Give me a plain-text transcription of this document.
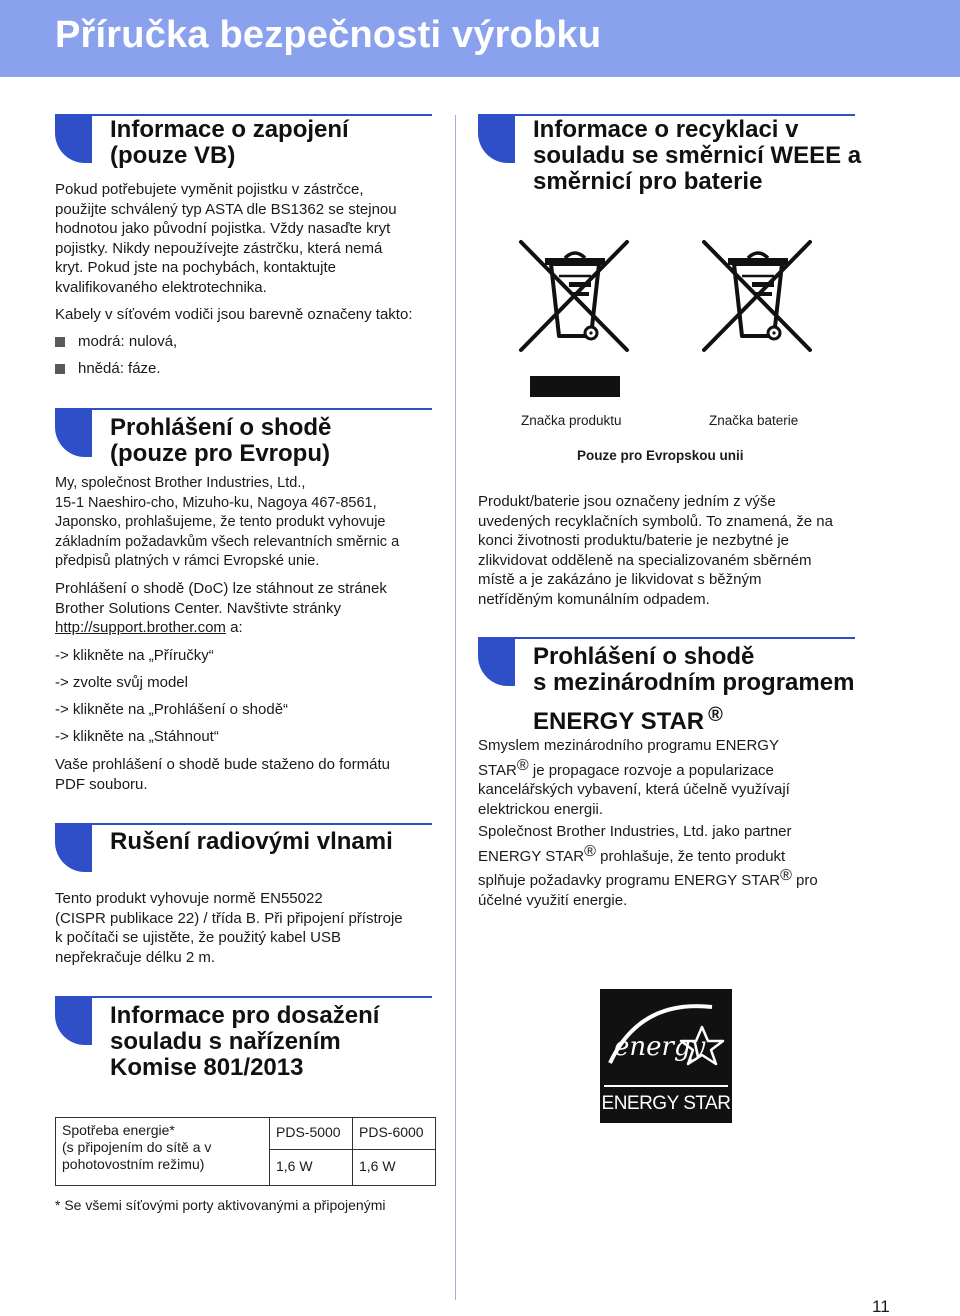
Příručka bezpečnosti výrobku
Informace o zapojení
(pouze VB)
Pokud potřebujete vyměnit pojistku v zástrčce,
použijte schválený typ ASTA dle BS1362 se stejnou
hodnotou jako původní pojistka. Vždy nasaďte kryt
pojistky. Nikdy nepoužívejte zástrčku, která nemá
kryt. Pokud jste na pochybách, kontaktujte
kvalifikovaného elektrotechnika.
Kabely v síťovém vodiči jsou barevně označeny takto:
modrá: nulová,
hnědá: fáze.
Prohlášení o shodě
(pouze pro Evropu)
My, společnost Brother Industries, Ltd.,
15-1 Naeshiro-cho, Mizuho-ku, Nagoya 467-8561,
Japonsko, prohlašujeme, že tento produkt vyhovuje
základním požadavkům všech relevantních směrnic a
předpisů platných v rámci Evropské unie.
Prohlášení o shodě (DoC) lze stáhnout ze stránek
Brother Solutions Center. Navštivte stránky
http://support.brother.com a:
-> klikněte na „Příručky“
-> zvolte svůj model
-> klikněte na „Prohlášení o shodě“
-> klikněte na „Stáhnout“
Vaše prohlášení o shodě bude staženo do formátu
PDF souboru.
Rušení radiovými vlnami
Tento produkt vyhovuje normě EN55022
(CISPR publikace 22) / třída B. Při připojení přístroje
k počítači se ujistěte, že použitý kabel USB
nepřekračuje délku 2 m.
Informace pro dosažení
souladu s nařízením
Komise 801/2013
Spotřeba energie*
(s připojením do sítě a v
pohotovostním režimu)	PDS-5000	PDS-6000
	1,6 W	1,6 W
* Se všemi síťovými porty aktivovanými a připojenými
Informace o recyklaci v
souladu se směrnicí WEEE a
směrnicí pro baterie
Značka produktu	Značka baterie
Pouze pro Evropskou unii
Produkt/baterie jsou označeny jedním z výše
uvedených recyklačních symbolů. To znamená, že na
konci životnosti produktu/baterie je nezbytné je
zlikvidovat odděleně na specializovaném sběrném
místě a je zakázáno je likvidovat s běžným
netříděným komunálním odpadem.
Prohlášení o shodě
s mezinárodním programem
ENERGY STAR ®
Smyslem mezinárodního programu ENERGY
STAR® je propagace rozvoje a popularizace
kancelářských vybavení, která účelně využívají
elektrickou energii.
Společnost Brother Industries, Ltd. jako partner
ENERGY STAR® prohlašuje, že tento produkt
splňuje požadavky programu ENERGY STAR® pro
účelné využití energie.
energy
ENERGY STAR
11
